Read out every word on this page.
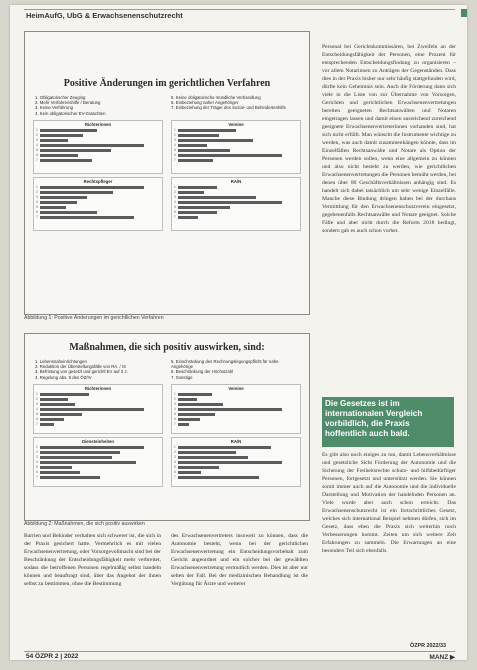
HeimAufG, UbG & Erwachsenenschutzrecht
Positive Änderungen im gerichtlichen Verfahren
1. Obligatorischer Zeuging
2. Mehr Verfahrenshilfe / Beratung
3. Keine Verführung
4. Kein obligatorischer EV-Gutachten
5. Keine obligatorische mündliche Verhandlung
6. Einbeziehung naher Angehöriger
7. Einbeziehung der Träger des Sozial- und Behindertenhilfe
Richterinnen
1
2
3
4
5
6
7
Vereine
1
2
3
4
5
6
7
Rechtspfleger
1
2
3
4
5
6
7
RA/N
1
2
3
4
5
6
7
Abbildung 1: Positive Änderungen im gerichtlichen Verfahren
Maßnahmen, die sich positiv auswirken, sind:
1. Lebensnaheinrichtungen
2. Reduktion der Überstellungsfälle von RA. / IS
3. Befristung von gesetzl und gerichtl EV auf 3 J.
4. Regelung abs. 9 des ÖZ/IV
5. Einschränkung des Rechnungslegungspflicht für nahe Angehörige
6. Beschränkung der Höchstzahl
7. Sonstige
Richterinnen
1
2
3
4
5
6
7
Vereine
1
2
3
4
5
6
7
Diensteinheiten
1
2
3
4
5
6
7
RA/N
1
2
3
4
5
6
7
Abbildung 2: Maßnahmen, die sich positiv auswirken
Personal bei Gerichtskommissären, bei Zweifeln an der Entscheidungsfähigkeit der Personen, eine Prozent für entsprechenden Entscheidungsfindung zu organisieren – vor allem Notarinnen zu Anträgen der Gegenständen. Dass dies in der Praxis bisher nur sehr häufig stattgefunden wird, dürfte kein Geheimnis sein. Auch die Förderung dann sich viele in die Liste von zur Übernahme von Vorsorgen, Gerichten und gerichtlichen Erwachsenenvertretungen bereiten geeigneten Rechtsanwälten und Notaren eingetragen lassen und damit einen ausreichend zureichend geeignete Erwachsenenvertreterinnen vorhanden sind, hat sich nicht erfüllt. Man wünscht die Instrumente wichtige zu werden, was auch damit zusammenhängen könnte, dass im Einzelfällen Rechtsanwälte und Notare als Option der Personen werden sollen, wenn eine allgemein zu können und also nicht besteht zu werden, wie gerichtlichen Erwachsenenvertretungen die Personen bemüht werden, bei denen über 80 Geschäftsverhältnissen anhängig sind. Es handelt sich dabei tatsächlich um sehr wenige Einzelfälle. Manche diese Bindung dringen haben bei der durchaus Vermittlung für den Erwachsenenschutzverein eingesetzt, gegebenenfalls Rechtsanwälte und Notare geeignet. Solche Fälle und aber nicht durch die Reform 2018 bedingt, sondern gab es auch schon vorher.
Die Gesetzes ist im internationalen Vergleich vorbildlich, die Praxis hoffentlich auch bald.
Es gibt also noch einiges zu tun, damit Lebensverhältnisse und gesetzliche Sicht Förderung der Autonomie und die Sicherung der Freiheitsrechte schutz- und hilfsbedürftiger Personen, fortgesetzt und unterstützt werden. Sie können somit immer auch auf die Autonomie und die individuelle Darstellung und Motivation der handelnden Personen an. Viele wurde aber auch schon erreicht. Das Erwachsenenschutzrecht ist ein fortschrittliches Gesetz, welches sich international Beispiel nehmen dürfen, sich im Gesetz, dass eben die Praxis sich weiterhin noch Verbesserungen kommt. Zeiten um sich weitere Zeit Erfahrungen zu sammeln. Die Erwartungen an eine besonders Teil sich ebenfalls.
ÖZPR 2022/33
Barrien und Behinder verhalten sich schwerer ist, die sich in der Praxis gesichert hatte. Vermehrlich es mit vielen Erwachsenenvertretung, oder Vorsorgevollmacht sind bei der Beschränkung der Entscheidungsfähigkeit mehr verbreitet, sodass die betroffenen Personen regelmäßig selbst handeln können und beauftragt sind, über das Angebot der ihnen selbst zu bestimmen, ohne die Bestimmung
des Erwachsenenvertreters insoweit zu können, dass die Autonomie besteht, wenn bei der gerichtlichen Erwachsenenvertretung ein Entscheidungsvorbehalt zum Gericht angeordnet und ein solcher bei der gewählten Erwachsenenvertretung vermutlich werden. Dies ist aber nur selten der Fall. Bei der medizinischen Behandlung ist die Vergütung für Ärzte und weiterer
54 ÖZPR 2 | 2022	MANZ ▶
